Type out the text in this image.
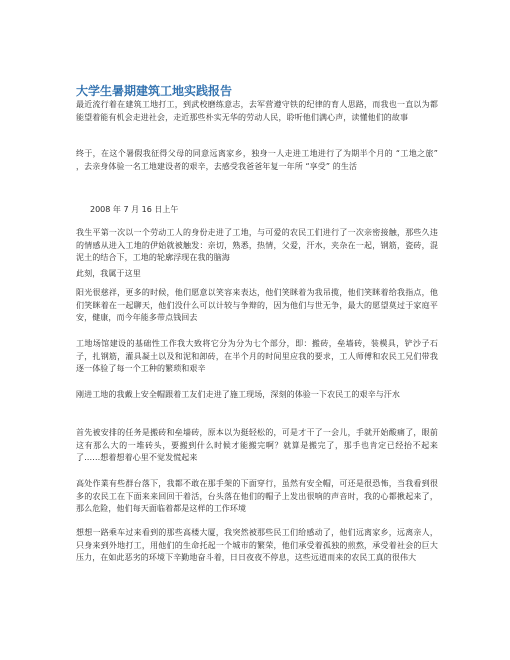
大学生暑期建筑工地实践报告

最近流行着在建筑工地打工，到武校磨练意志，去军营遵守铁的纪律的育人思路，而我也一直以为都能望着能有机会走进社会，走近那些朴实无华的劳动人民，聆听他们满心声，读懂他们的故事

终于，在这个暑假我征得父母的同意远离家乡，独身一人走进工地进行了为期半个月的 “工地之旅” ，去亲身体验一名工地建设者的艰辛，去感受我爸爸年复一年所 “享受” 的生活

2008 年 7 月 16 日上午

我生平第一次以一个劳动工人的身份走进了工地，与可爱的农民工们进行了一次亲密接触，那些久违的情感从进入工地的伊始就被触发：亲切，熟悉，热情，父爱，汗水，夹杂在一起，钢筋，瓷砖，混泥土的结合下，工地的轮廓浮现在我的脑海

此刻，我属于这里

阳光很慈祥，更多的时候，他们愿意以笑容来表达，他们笑眯着为我吊揽，他们笑眯着给我指点，他们笑眯着在一起聊天，他们没什么可以计较与争辩的，因为他们与世无争，最大的愿望莫过于家庭平安，健康，而今年能多带点钱回去

工地场馆建设的基础性工作我大致将它分为分为七个部分，即：搬砖，垒墙砖，装模具，铲沙子石子，扎钢筋，灌具凝土以及和泥和卸砖，在半个月的时间里应我的要求，工人师傅和农民工兄们带我逐一体验了每一个工种的繁琐和艰辛

刚进工地的我戴上安全帽跟着工友们走进了施工现场，深刻的体验一下农民工的艰辛与汗水

首先被安排的任务是搬砖和垒墙砖，原本以为挺轻松的，可是才干了一会儿，手就开始酸痛了，眼前这有那么大的一堆砖头，要搬到什么时候才能搬完啊？就算是搬完了，那手也肯定已经抬不起来了……想着想着心里不觉发慌起来

高处作業有些群台落下，我都不敢在那手架的下面穿行，虽然有安全帽，可还是很恐怖，当我看到很多的农民工在下面来来回回干着活，台头落在他们的帽子上发出很响的声音时，我的心都揪起来了，那么危险，他们每天面临着都是这样的工作环境

想想一路乘车过来看到的那些高楼大厦，我突然被那些民工们给感动了，他们远离家乡，远离亲人，只身来到外地打工，用他们的生命托起一个城市的繁荣，他们承受着孤独的煎熬，承受着社会的巨大压力，在如此恶劣的环境下辛勤地奋斗着，日日夜夜不停息，这些远道而来的农民工真的很伟大
